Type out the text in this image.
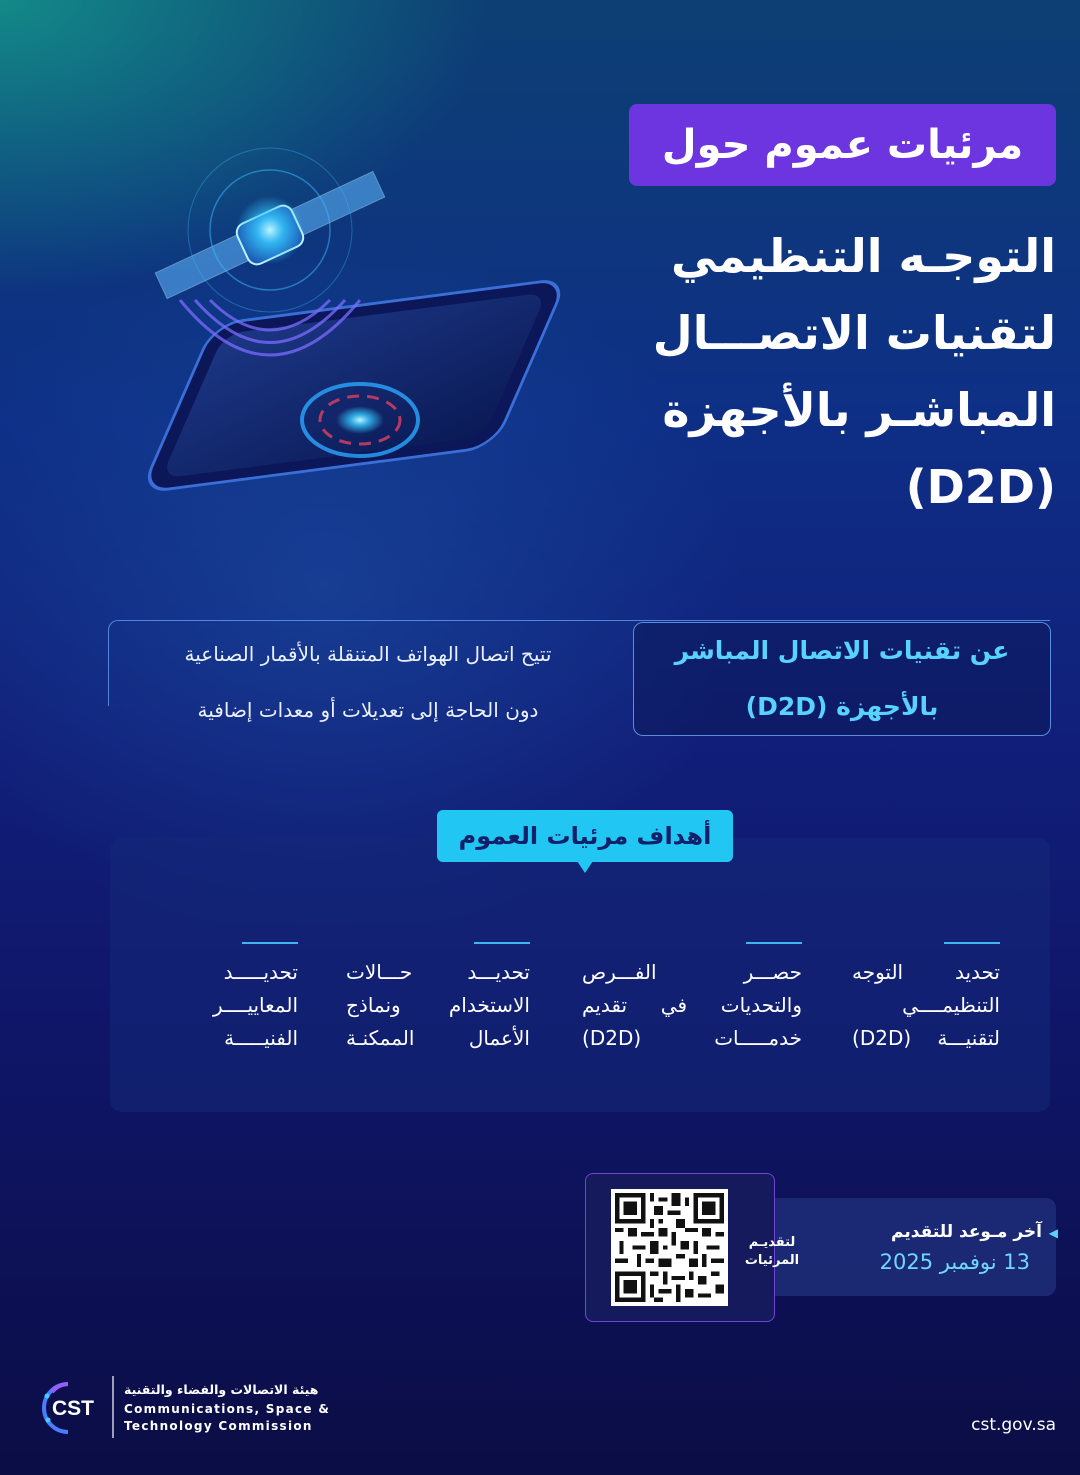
مرئيات عموم حول
التوجـه التنظيمي
لتقنيات الاتصـــال
المباشـر بالأجهزة
(D2D)
عن تقنيات الاتصال المباشر
بالأجهزة (D2D)
تتيح اتصال الهواتف المتنقلة بالأقمار الصناعية
دون الحاجة إلى تعديلات أو معدات إضافية
أهداف مرئيات العموم
تحديد التوجه
التنظيمــــي
لتقنيـــة (D2D)
حصـــر الفـــرص
والتحديات في تقديم
خدمـــــات (D2D)
تحديـــد حـــالات
الاستخدام ونماذج
الأعمال الممكنـة
تحديـــــد
المعاييــــر
الفنيـــــة
لتقديـم
المرئيات
◀
آخر مـوعد للتقديم
13 نوفمبر 2025
CST
هيئة الاتصالات والفضاء والتقنية
Communications, Space &
Technology Commission	cst.gov.sa
